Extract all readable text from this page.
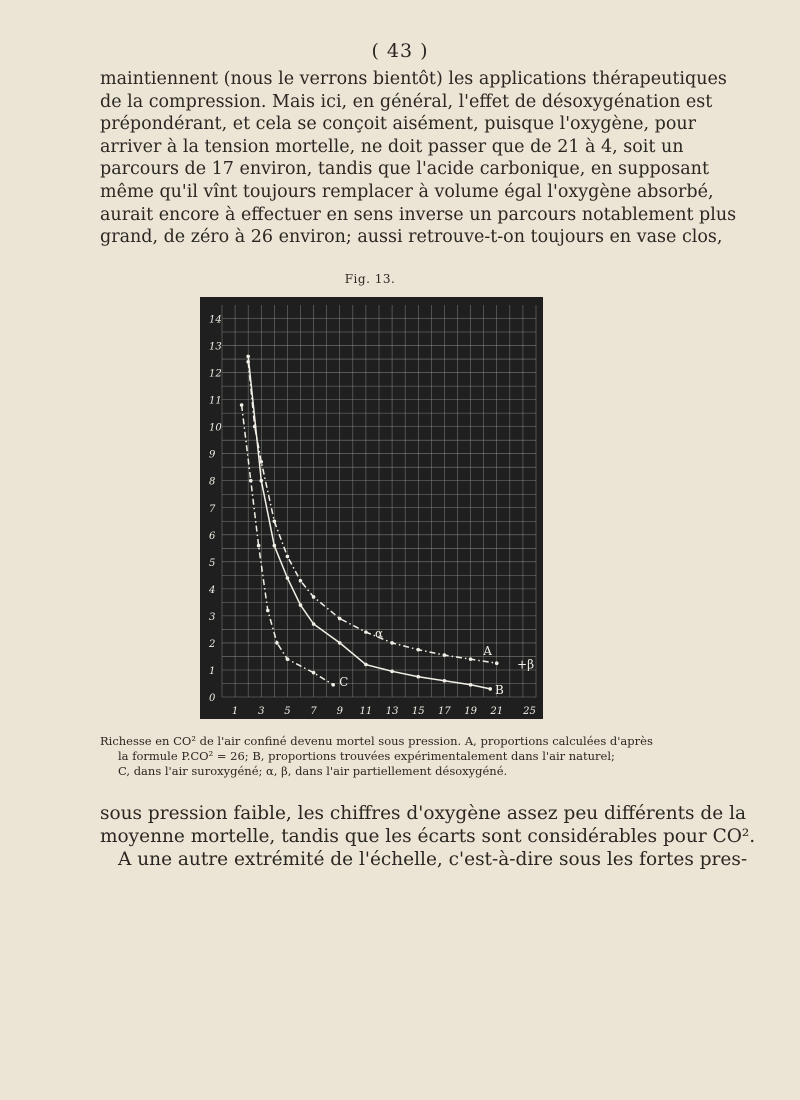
( 43 )
maintiennent (nous le verrons bientôt) les applications thérapeutiques
de la compression. Mais ici, en général, l'effet de désoxygénation est
prépondérant, et cela se conçoit aisément, puisque l'oxygène, pour
arriver à la tension mortelle, ne doit passer que de 21 à 4, soit un
parcours de 17 environ, tandis que l'acide carbonique, en supposant
même qu'il vînt toujours remplacer à volume égal l'oxygène absorbé,
aurait encore à effectuer en sens inverse un parcours notablement plus
grand, de zéro à 26 environ; aussi retrouve-t-on toujours en vase clos,
Fig. 13.
0
1
2
3
4
5
6
7
8
9
10
11
12
13
14
1 3 5 7 9 11 13 15 17 19 21 25
α
A
+β
B
C
Richesse en CO² de l'air confiné devenu mortel sous pression. A, proportions calculées d'après
la formule P.CO² = 26; B, proportions trouvées expérimentalement dans l'air naturel;
C, dans l'air suroxygéné; α, β, dans l'air partiellement désoxygéné.
sous pression faible, les chiffres d'oxygène assez peu différents de la
moyenne mortelle, tandis que les écarts sont considérables pour CO².
A une autre extrémité de l'échelle, c'est-à-dire sous les fortes pres-
